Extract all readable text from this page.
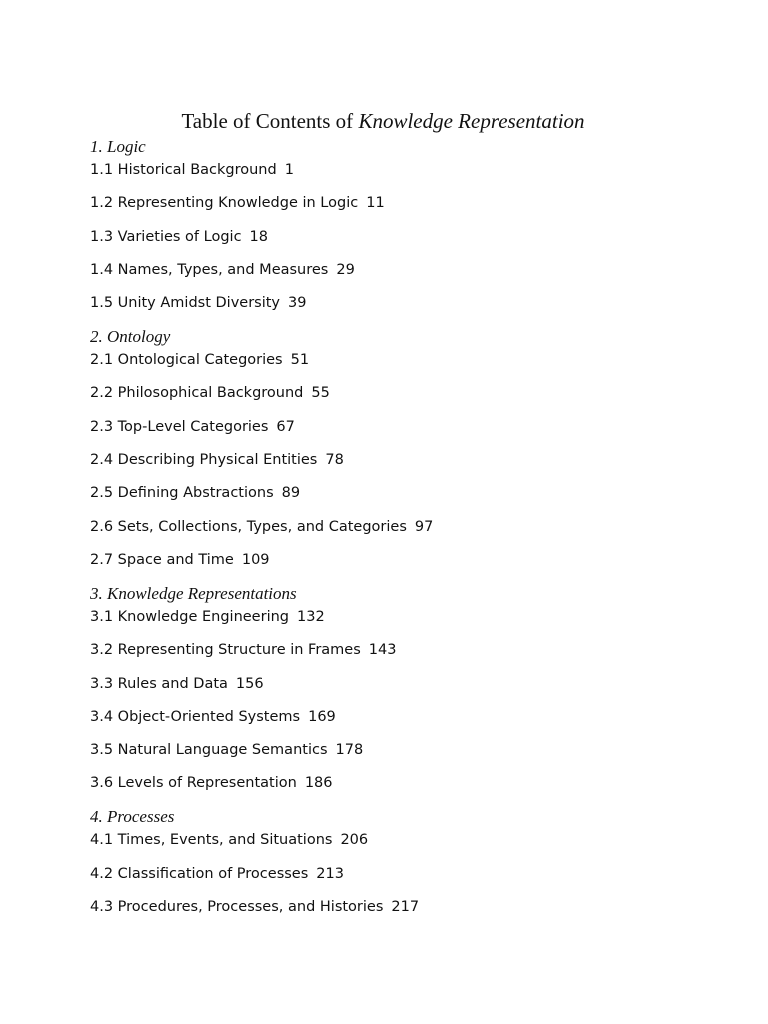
Table of Contents of Knowledge Representation
1. Logic
1.1 Historical Background 1
1.2 Representing Knowledge in Logic 11
1.3 Varieties of Logic 18
1.4 Names, Types, and Measures 29
1.5 Unity Amidst Diversity 39
2. Ontology
2.1 Ontological Categories 51
2.2 Philosophical Background 55
2.3 Top-Level Categories 67
2.4 Describing Physical Entities 78
2.5 Defining Abstractions 89
2.6 Sets, Collections, Types, and Categories 97
2.7 Space and Time 109
3. Knowledge Representations
3.1 Knowledge Engineering 132
3.2 Representing Structure in Frames 143
3.3 Rules and Data 156
3.4 Object-Oriented Systems 169
3.5 Natural Language Semantics 178
3.6 Levels of Representation 186
4. Processes
4.1 Times, Events, and Situations 206
4.2 Classification of Processes 213
4.3 Procedures, Processes, and Histories 217
